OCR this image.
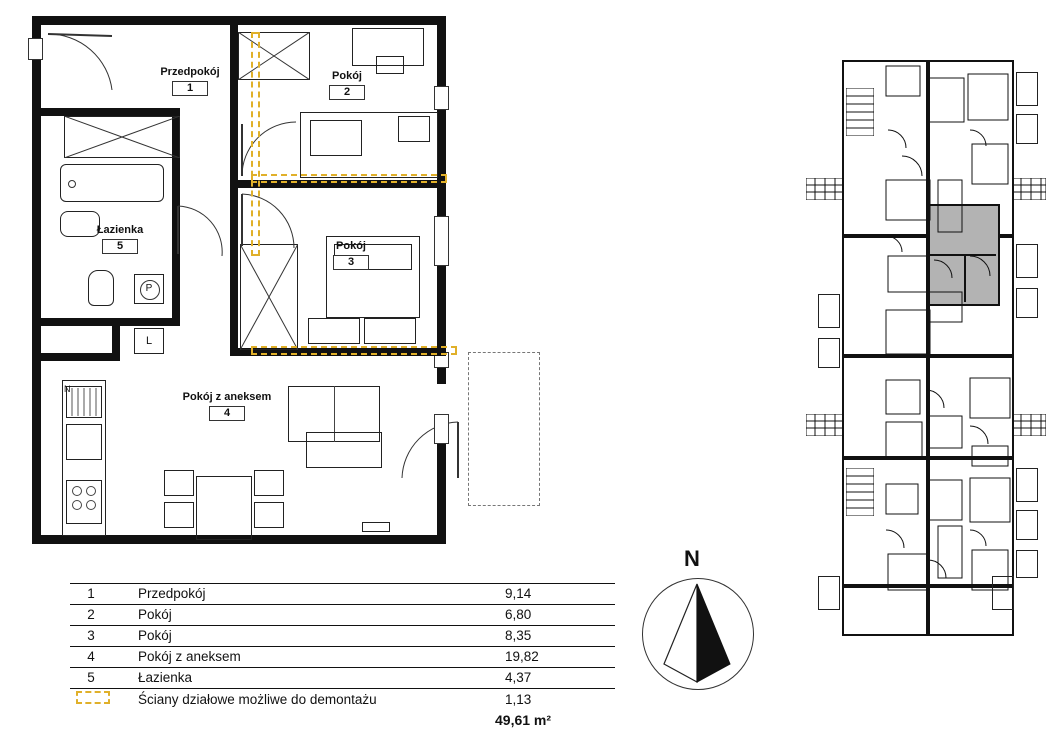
P
L
N
Przedpokój
1
Pokój
2
Pokój
3
Pokój z aneksem
4
Łazienka
5
1	Przedpokój	9,14
2	Pokój	6,80
3	Pokój	8,35
4	Pokój z aneksem	19,82
5	Łazienka	4,37
	Ściany działowe możliwe do demontażu	1,13
49,61 m²
N
